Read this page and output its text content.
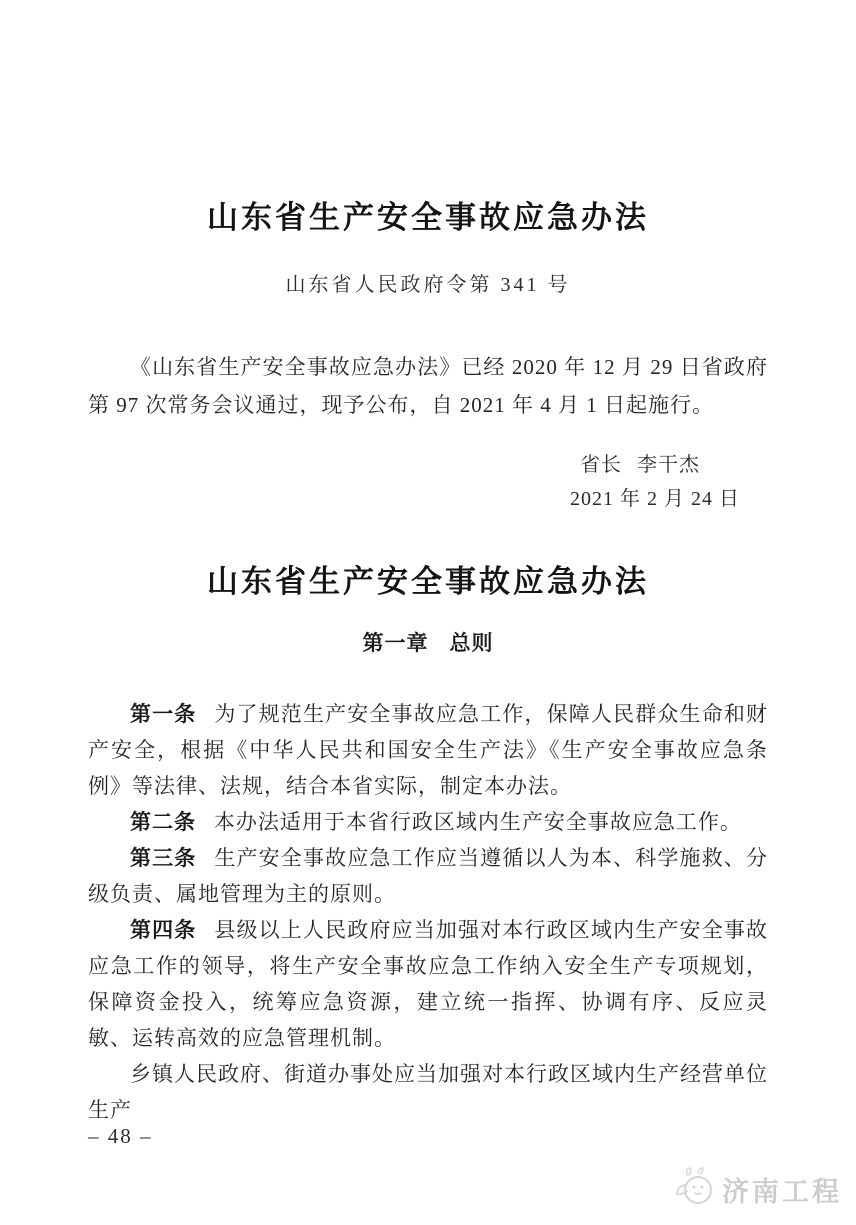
山东省生产安全事故应急办法
山东省人民政府令第 341 号

《山东省生产安全事故应急办法》已经 2020 年 12 月 29 日省政府第 97 次常务会议通过，现予公布，自 2021 年 4 月 1 日起施行。

省长 李干杰
2021 年 2 月 24 日
山东省生产安全事故应急办法
第一章 总则

第一条 为了规范生产安全事故应急工作，保障人民群众生命和财产安全，根据《中华人民共和国安全生产法》《生产安全事故应急条例》等法律、法规，结合本省实际，制定本办法。

第二条 本办法适用于本省行政区域内生产安全事故应急工作。

第三条 生产安全事故应急工作应当遵循以人为本、科学施救、分级负责、属地管理为主的原则。

第四条 县级以上人民政府应当加强对本行政区域内生产安全事故应急工作的领导，将生产安全事故应急工作纳入安全生产专项规划，保障资金投入，统筹应急资源，建立统一指挥、协调有序、反应灵敏、运转高效的应急管理机制。

乡镇人民政府、街道办事处应当加强对本行政区域内生产经营单位生产

– 48 –
济南工程
